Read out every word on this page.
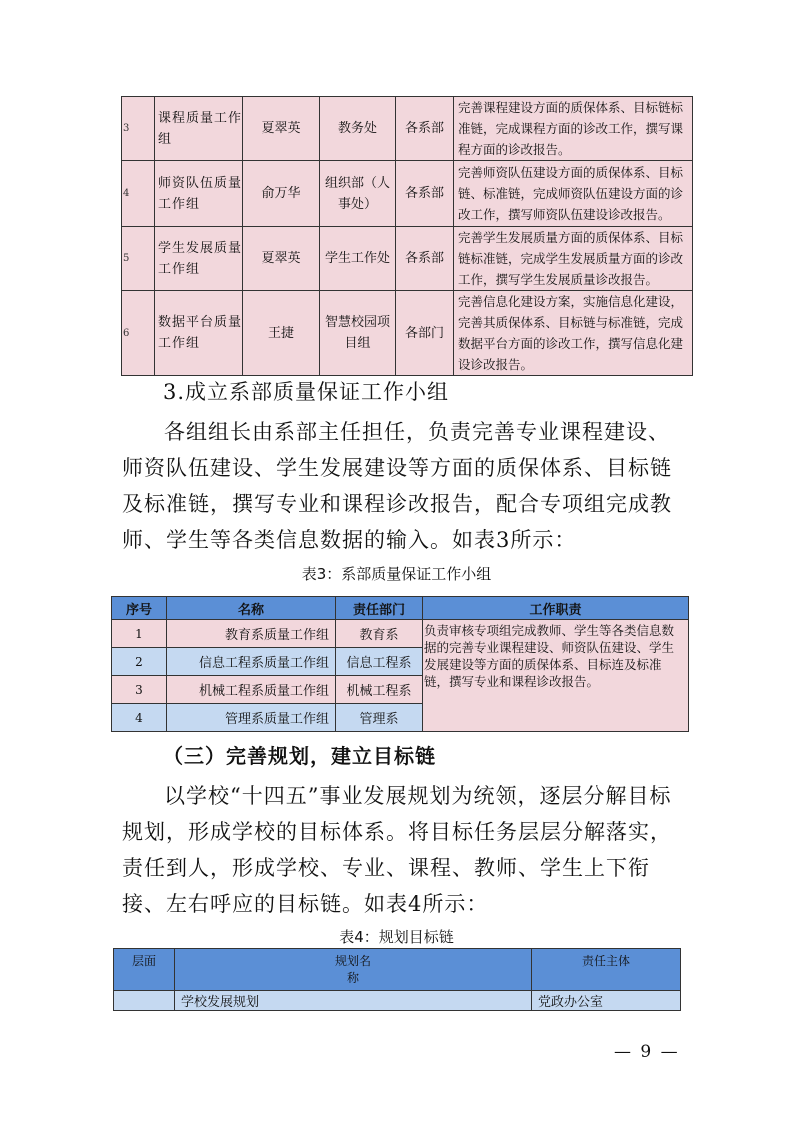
3	课程质量工作组	夏翠英	教务处	各系部	完善课程建设方面的质保体系、目标链标准链，完成课程方面的诊改工作，撰写课程方面的诊改报告。
4	师资队伍质量工作组	俞万华	组织部（人事处）	各系部	完善师资队伍建设方面的质保体系、目标链、标准链，完成师资队伍建设方面的诊改工作，撰写师资队伍建设诊改报告。
5	学生发展质量工作组	夏翠英	学生工作处	各系部	完善学生发展质量方面的质保体系、目标链标准链，完成学生发展质量方面的诊改工作，撰写学生发展质量诊改报告。
6	数据平台质量工作组	王捷	智慧校园项目组	各部门	完善信息化建设方案，实施信息化建设，完善其质保体系、目标链与标准链，完成数据平台方面的诊改工作，撰写信息化建设诊改报告。
3.成立系部质量保证工作小组
各组组长由系部主任担任，负责完善专业课程建设、师资队伍建设、学生发展建设等方面的质保体系、目标链及标准链，撰写专业和课程诊改报告，配合专项组完成教师、学生等各类信息数据的输入。如表3所示：
表3：系部质量保证工作小组
序号	名称	责任部门	工作职责
1	教育系质量工作组	教育系	负责审核专项组完成教师、学生等各类信息数据的完善专业课程建设、师资队伍建设、学生发展建设等方面的质保体系、目标连及标准链，撰写专业和课程诊改报告。
2	信息工程系质量工作组	信息工程系	
3	机械工程系质量工作组	机械工程系	
4	管理系质量工作组	管理系	
（三）完善规划，建立目标链
以学校“十四五”事业发展规划为统领，逐层分解目标规划，形成学校的目标体系。将目标任务层层分解落实，责任到人，形成学校、专业、课程、教师、学生上下衔接、左右呼应的目标链。如表4所示：
表4：规划目标链
层面	规划名称	责任主体
	学校发展规划	党政办公室
— 9 —
